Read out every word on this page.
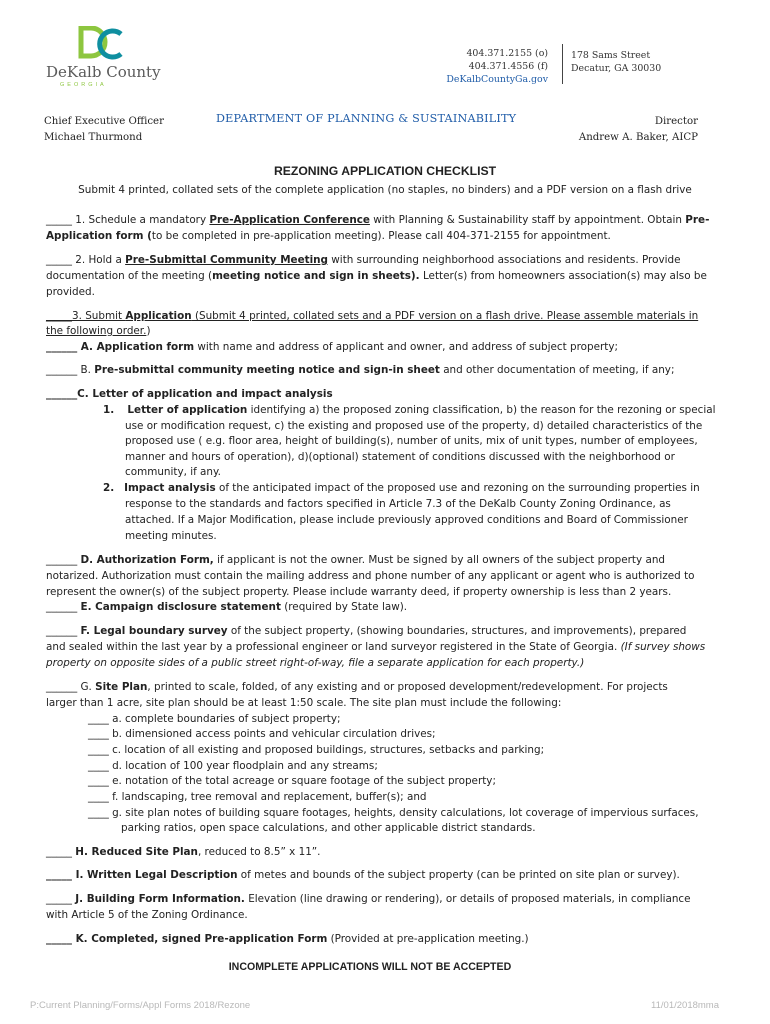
DeKalb County
GEORGIA
404.371.2155 (o)
404.371.4556 (f)
DeKalbCountyGa.gov
178 Sams Street
Decatur, GA 30030
Chief Executive Officer
Michael Thurmond
DEPARTMENT OF PLANNING & SUSTAINABILITY	Director
Andrew A. Baker, AICP
REZONING APPLICATION CHECKLIST
Submit 4 printed, collated sets of the complete application (no staples, no binders) and a PDF version on a flash drive
_____ 1. Schedule a mandatory Pre-Application Conference with Planning & Sustainability staff by appointment. Obtain Pre-
Application form (to be completed in pre-application meeting). Please call 404-371-2155 for appointment.
_____ 2. Hold a Pre-Submittal Community Meeting with surrounding neighborhood associations and residents. Provide
documentation of the meeting (meeting notice and sign in sheets). Letter(s) from homeowners association(s) may also be
provided.
_____3. Submit Application (Submit 4 printed, collated sets and a PDF version on a flash drive. Please assemble materials in
the following order.)
______ A. Application form with name and address of applicant and owner, and address of subject property;
______ B. Pre-submittal community meeting notice and sign-in sheet and other documentation of meeting, if any;
______C. Letter of application and impact analysis
1. Letter of application identifying a) the proposed zoning classification, b) the reason for the rezoning or special
use or modification request, c) the existing and proposed use of the property, d) detailed characteristics of the
proposed use ( e.g. floor area, height of building(s), number of units, mix of unit types, number of employees,
manner and hours of operation), d)(optional) statement of conditions discussed with the neighborhood or
community, if any.
2. Impact analysis of the anticipated impact of the proposed use and rezoning on the surrounding properties in
response to the standards and factors specified in Article 7.3 of the DeKalb County Zoning Ordinance, as
attached. If a Major Modification, please include previously approved conditions and Board of Commissioner
meeting minutes.
______ D. Authorization Form, if applicant is not the owner. Must be signed by all owners of the subject property and
notarized. Authorization must contain the mailing address and phone number of any applicant or agent who is authorized to
represent the owner(s) of the subject property. Please include warranty deed, if property ownership is less than 2 years.
______ E. Campaign disclosure statement (required by State law).
______ F. Legal boundary survey of the subject property, (showing boundaries, structures, and improvements), prepared
and sealed within the last year by a professional engineer or land surveyor registered in the State of Georgia. (If survey shows
property on opposite sides of a public street right-of-way, file a separate application for each property.)
______ G. Site Plan, printed to scale, folded, of any existing and or proposed development/redevelopment. For projects
larger than 1 acre, site plan should be at least 1:50 scale. The site plan must include the following:
____ a. complete boundaries of subject property;
____ b. dimensioned access points and vehicular circulation drives;
____ c. location of all existing and proposed buildings, structures, setbacks and parking;
____ d. location of 100 year floodplain and any streams;
____ e. notation of the total acreage or square footage of the subject property;
____ f. landscaping, tree removal and replacement, buffer(s); and
____ g. site plan notes of building square footages, heights, density calculations, lot coverage of impervious surfaces,
parking ratios, open space calculations, and other applicable district standards.
_____ H. Reduced Site Plan, reduced to 8.5” x 11”.
_____ I. Written Legal Description of metes and bounds of the subject property (can be printed on site plan or survey).
_____ J. Building Form Information. Elevation (line drawing or rendering), or details of proposed materials, in compliance
with Article 5 of the Zoning Ordinance.
_____ K. Completed, signed Pre-application Form (Provided at pre-application meeting.)
INCOMPLETE APPLICATIONS WILL NOT BE ACCEPTED
P:Current Planning/Forms/Appl Forms 2018/Rezone	11/01/2018mma
